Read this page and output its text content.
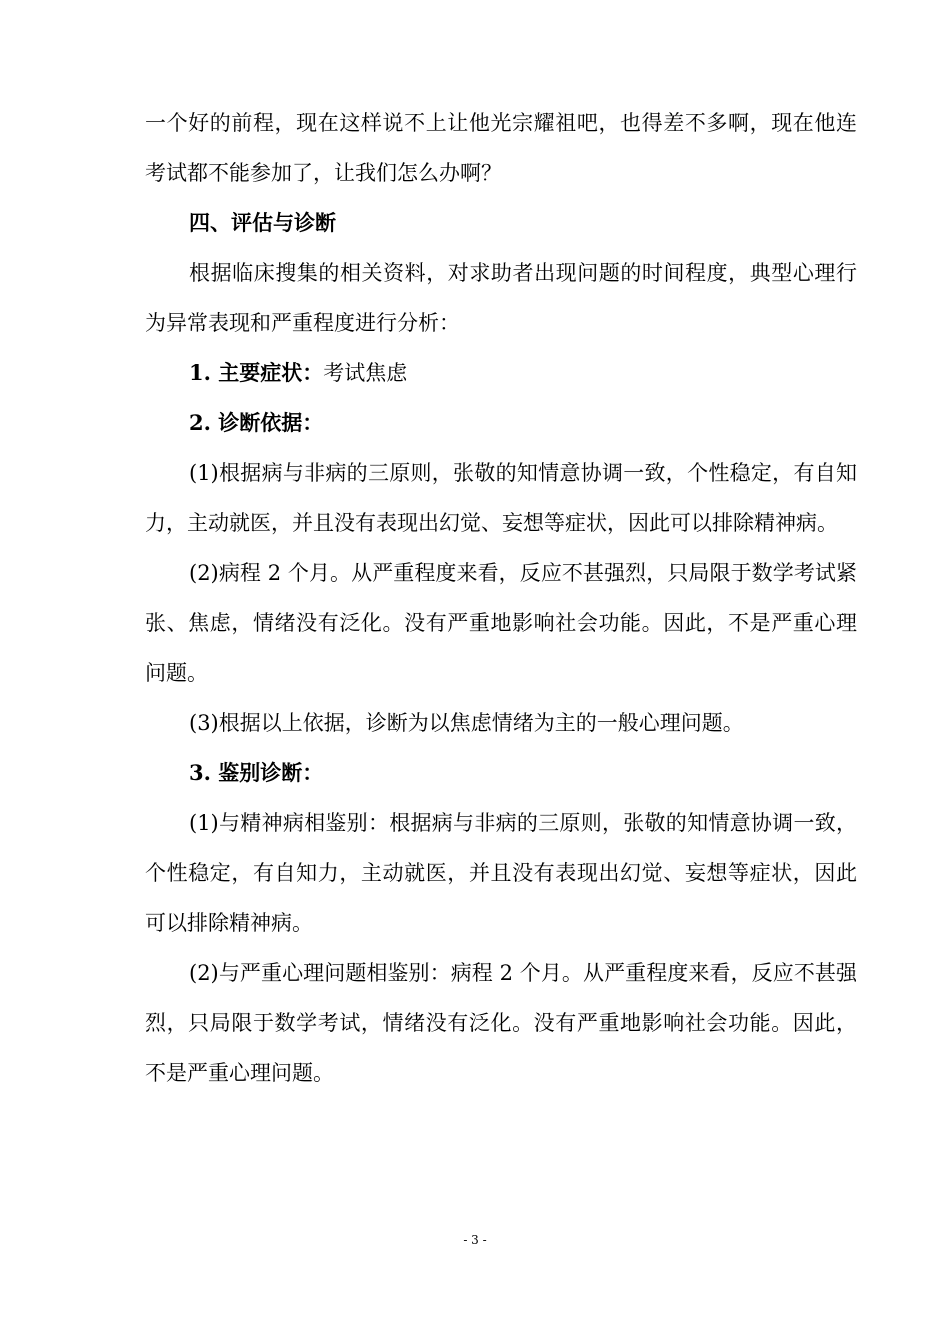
一个好的前程，现在这样说不上让他光宗耀祖吧，也得差不多啊，现在他连考试都不能参加了，让我们怎么办啊？

四、评估与诊断

根据临床搜集的相关资料，对求助者出现问题的时间程度，典型心理行为异常表现和严重程度进行分析：

1. 主要症状：考试焦虑

2. 诊断依据：

(1)根据病与非病的三原则，张敬的知情意协调一致，个性稳定，有自知力，主动就医，并且没有表现出幻觉、妄想等症状，因此可以排除精神病。

(2)病程 2 个月。从严重程度来看，反应不甚强烈，只局限于数学考试紧张、焦虑，情绪没有泛化。没有严重地影响社会功能。因此，不是严重心理问题。

(3)根据以上依据，诊断为以焦虑情绪为主的一般心理问题。

3. 鉴别诊断：

(1)与精神病相鉴别：根据病与非病的三原则，张敬的知情意协调一致，个性稳定，有自知力，主动就医，并且没有表现出幻觉、妄想等症状，因此可以排除精神病。

(2)与严重心理问题相鉴别：病程 2 个月。从严重程度来看，反应不甚强烈，只局限于数学考试，情绪没有泛化。没有严重地影响社会功能。因此，不是严重心理问题。

- 3 -
